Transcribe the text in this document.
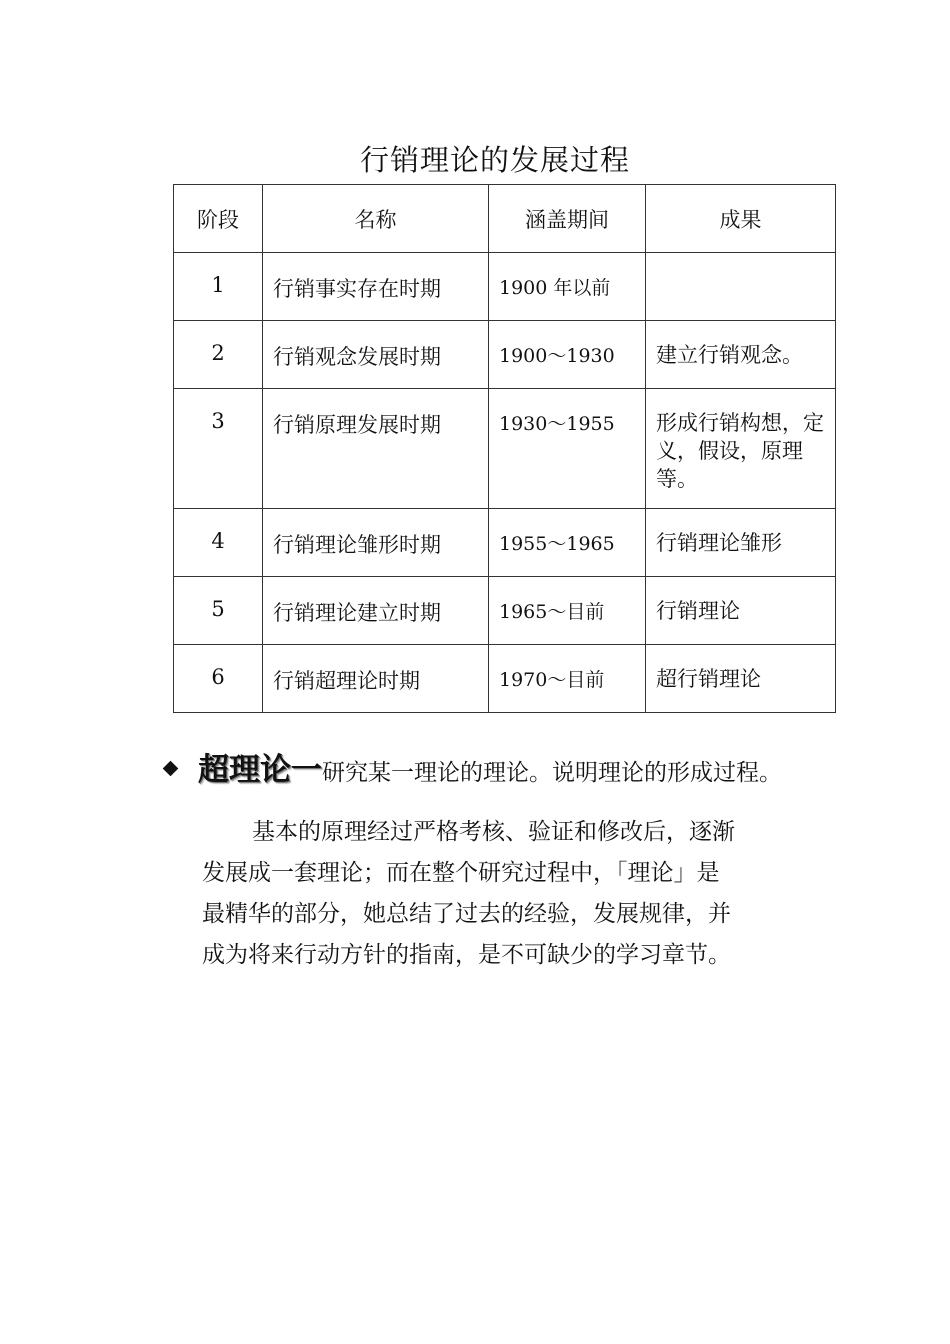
行销理论的发展过程
阶段	名称	涵盖期间	成果
1	行销事实存在时期	1900 年以前	
2	行销观念发展时期	1900～1930	建立行销观念。
3	行销原理发展时期	1930～1955	形成行销构想，定义，假设，原理等。
4	行销理论雏形时期	1955～1965	行销理论雏形
5	行销理论建立时期	1965～目前	行销理论
6	行销超理论时期	1970～目前	超行销理论
超理论一研究某一理论的理论。说明理论的形成过程。

基本的原理经过严格考核、验证和修改后，逐渐
发展成一套理论；而在整个研究过程中，「理论」是
最精华的部分，她总结了过去的经验，发展规律，并
成为将来行动方针的指南，是不可缺少的学习章节。
